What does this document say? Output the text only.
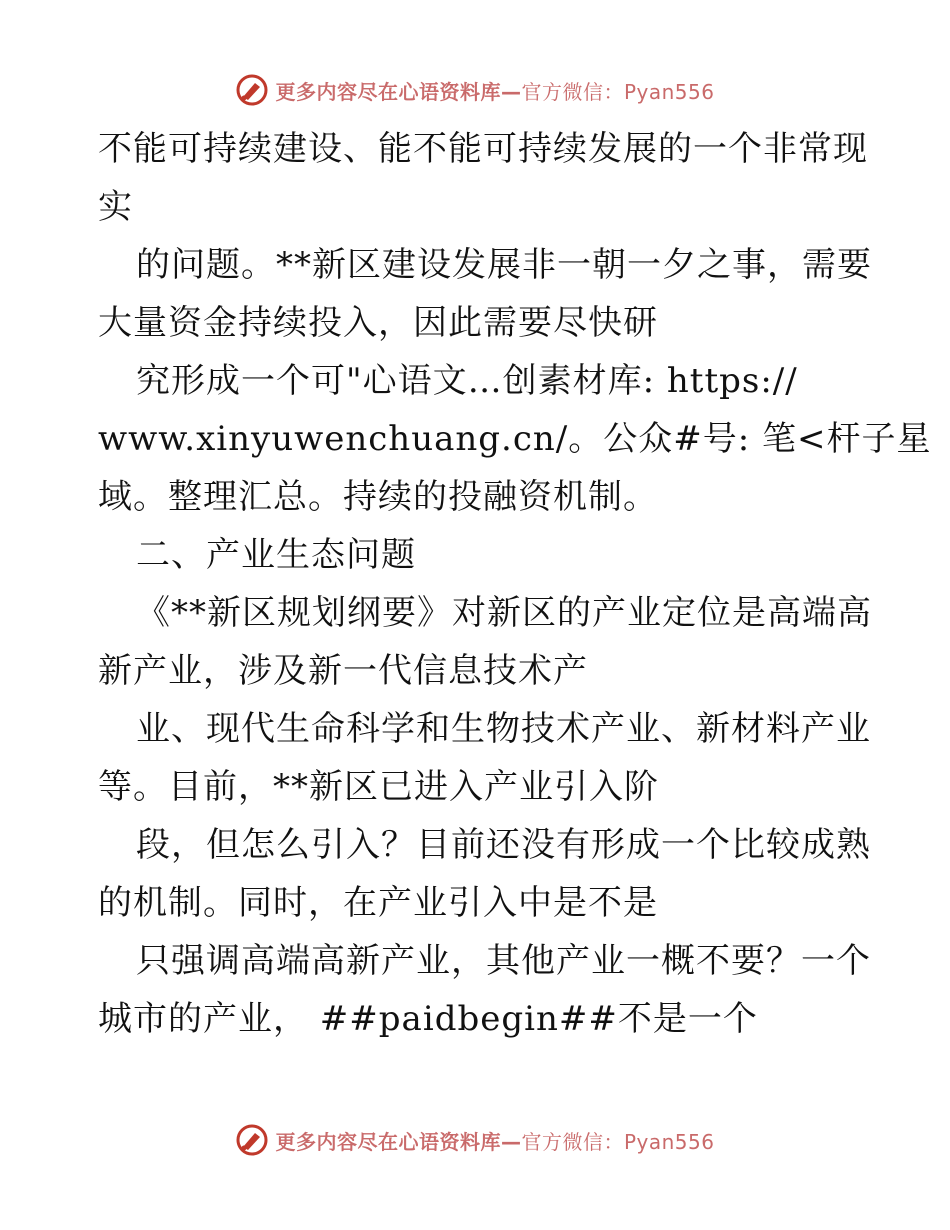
更多内容尽在心语资料库—官方微信：Pyan556
不能可持续建设、能不能可持续发展的一个非常现
实
的问题。**新区建设发展非一朝一夕之事，需要
大量资金持续投入，因此需要尽快研
究形成一个可"心语文…创素材库: https://
www.xinyuwenchuang.cn/。公众#号: 笔<杆子星
域。整理汇总。持续的投融资机制。
二、产业生态问题
《**新区规划纲要》对新区的产业定位是高端高
新产业，涉及新一代信息技术产
业、现代生命科学和生物技术产业、新材料产业
等。目前，**新区已进入产业引入阶
段，但怎么引入？目前还没有形成一个比较成熟
的机制。同时，在产业引入中是不是
只强调高端高新产业，其他产业一概不要？一个
城市的产业， ##paidbegin##不是一个
更多内容尽在心语资料库—官方微信：Pyan556
